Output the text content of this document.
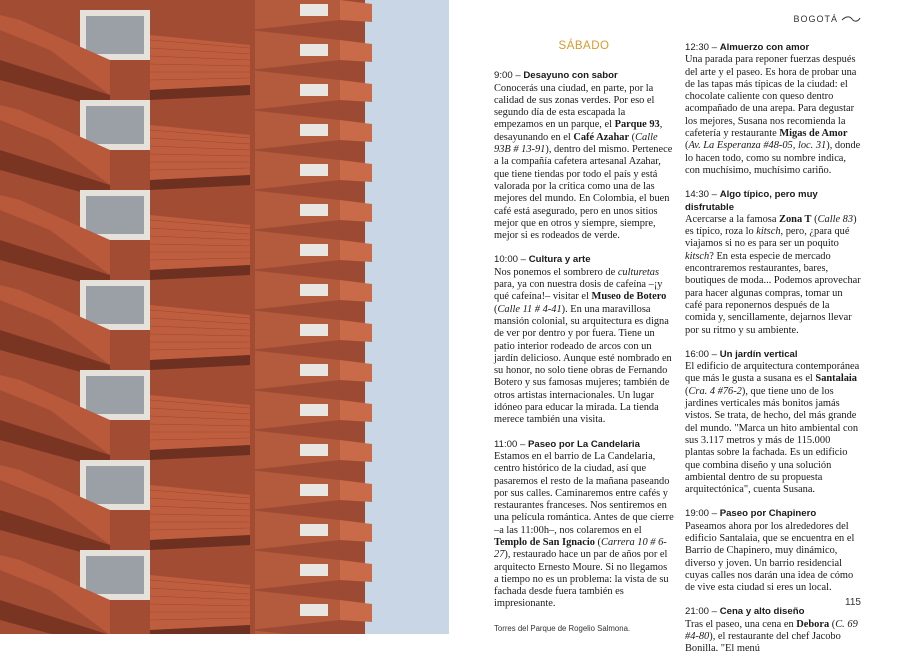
BOGOTÁ
SÁBADO
9:00 – Desayuno con sabor

Conocerás una ciudad, en parte, por la calidad de sus zonas verdes. Por eso el segundo día de esta escapada la empezamos en un parque, el Parque 93, desayunando en el Café Azahar (Calle 93B # 13-91), dentro del mismo. Pertenece a la compañía cafetera artesanal Azahar, que tiene tiendas por todo el país y está valorada por la crítica como una de las mejores del mundo. En Colombia, el buen café está asegurado, pero en unos sitios mejor que en otros y siempre, siempre, mejor si es rodeados de verde.

10:00 – Cultura y arte

Nos ponemos el sombrero de culturetas para, ya con nuestra dosis de cafeína –¡y qué cafeína!– visitar el Museo de Botero (Calle 11 # 4-41). En una maravillosa mansión colonial, su arquitectura es digna de ver por dentro y por fuera. Tiene un patio interior rodeado de arcos con un jardín delicioso. Aunque esté nombrado en su honor, no solo tiene obras de Fernando Botero y sus famosas mujeres; también de otros artistas internacionales. Un lugar idóneo para educar la mirada. La tienda merece también una visita.

11:00 – Paseo por La Candelaria

Estamos en el barrio de La Candelaria, centro histórico de la ciudad, así que pasaremos el resto de la mañana paseando por sus calles. Caminaremos entre cafés y restaurantes franceses. Nos sentiremos en una película romántica. Antes de que cierre –a las 11:00h–, nos colaremos en el Templo de San Ignacio (Carrera 10 # 6-27), restaurado hace un par de años por el arquitecto Ernesto Moure. Si no llegamos a tiempo no es un problema: la vista de su fachada desde fuera también es impresionante.

Torres del Parque de Rogelio Salmona.
12:30 – Almuerzo con amor

Una parada para reponer fuerzas después del arte y el paseo. Es hora de probar una de las tapas más típicas de la ciudad: el chocolate caliente con queso dentro acompañado de una arepa. Para degustar los mejores, Susana nos recomienda la cafetería y restaurante Migas de Amor (Av. La Esperanza #48-05, loc. 31), donde lo hacen todo, como su nombre indica, con muchísimo, muchísimo cariño.

14:30 – Algo típico, pero muy disfrutable

Acercarse a la famosa Zona T (Calle 83) es típico, roza lo kitsch, pero, ¿para qué viajamos si no es para ser un poquito kitsch? En esta especie de mercado encontraremos restaurantes, bares, boutiques de moda... Podemos aprovechar para hacer algunas compras, tomar un café para reponernos después de la comida y, sencillamente, dejarnos llevar por su ritmo y su ambiente.

16:00 – Un jardín vertical

El edificio de arquitectura contemporánea que más le gusta a susana es el Santalaia (Cra. 4 #76-2), que tiene uno de los jardines verticales más bonitos jamás vistos. Se trata, de hecho, del más grande del mundo. "Marca un hito ambiental con sus 3.117 metros y más de 115.000 plantas sobre la fachada. Es un edificio que combina diseño y una solución ambiental dentro de su propuesta arquitectónica", cuenta Susana.

19:00 – Paseo por Chapinero

Paseamos ahora por los alrededores del edificio Santalaia, que se encuentra en el Barrio de Chapinero, muy dinámico, diverso y joven. Un barrio residencial cuyas calles nos darán una idea de cómo de vive esta ciudad si eres un local.

21:00 – Cena y alto diseño

Tras el paseo, una cena en Debora (C. 69 #4-80), el restaurante del chef Jacobo Bonilla. "El menú

115
